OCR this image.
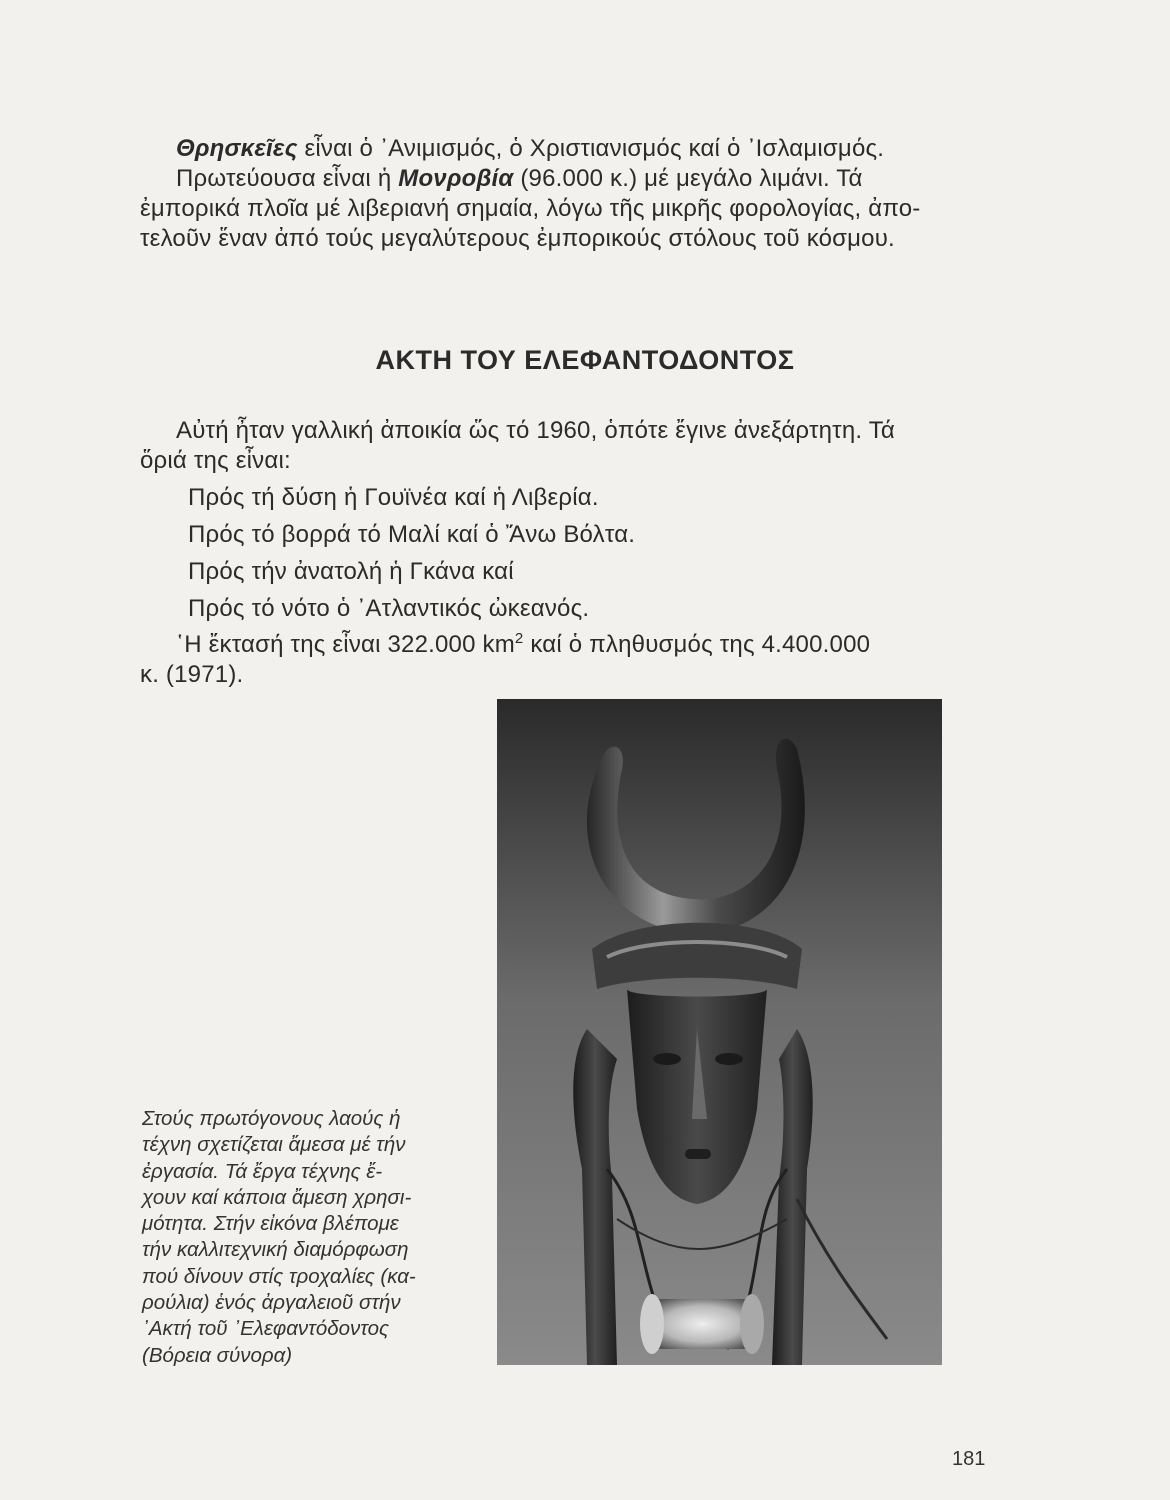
Θρησκεῖες εἶναι ὁ ᾿Ανιμισμός, ὁ Χριστιανισμός καί ὁ ᾿Ισλαμισμός.
Πρωτεύουσα εἶναι ἡ Μονροβία (96.000 κ.) μέ μεγάλο λιμάνι. Τά
ἐμπορικά πλοῖα μέ λιβεριανή σημαία, λόγω τῆς μικρῆς φορολογίας, ἀπο-
τελοῦν ἕναν ἀπό τούς μεγαλύτερους ἐμπορικούς στόλους τοῦ κόσμου.
ΑΚΤΗ ΤΟΥ ΕΛΕΦΑΝΤΟΔΟΝΤΟΣ
Αὐτή ἦταν γαλλική ἀποικία ὥς τό 1960, ὁπότε ἔγινε ἀνεξάρτητη. Τά
ὅριά της εἶναι:
Πρός τή δύση ἡ Γουϊνέα καί ἡ Λιβερία.
Πρός τό βορρά τό Μαλί καί ὁ Ἄνω Βόλτα.
Πρός τήν ἀνατολή ἡ Γκάνα καί
Πρός τό νότο ὁ ᾿Ατλαντικός ὠκεανός.
῾Η ἔκτασή της εἶναι 322.000 $km^2$ καί ὁ πληθυσμός της 4.400.000
κ. (1971).
Στούς πρωτόγονους λαούς ἡ
τέχνη σχετίζεται ἄμεσα μέ τήν
ἐργασία. Τά ἔργα τέχνης ἔ-
χουν καί κάποια ἄμεση χρησι-
μότητα. Στήν εἰκόνα βλέπομε
τήν καλλιτεχνική διαμόρφωση
πού δίνουν στίς τροχαλίες (κα-
ρούλια) ἑνός ἀργαλειοῦ στήν
᾿Ακτή τοῦ ᾿Ελεφαντόδοντος
(Βόρεια σύνορα)
181
